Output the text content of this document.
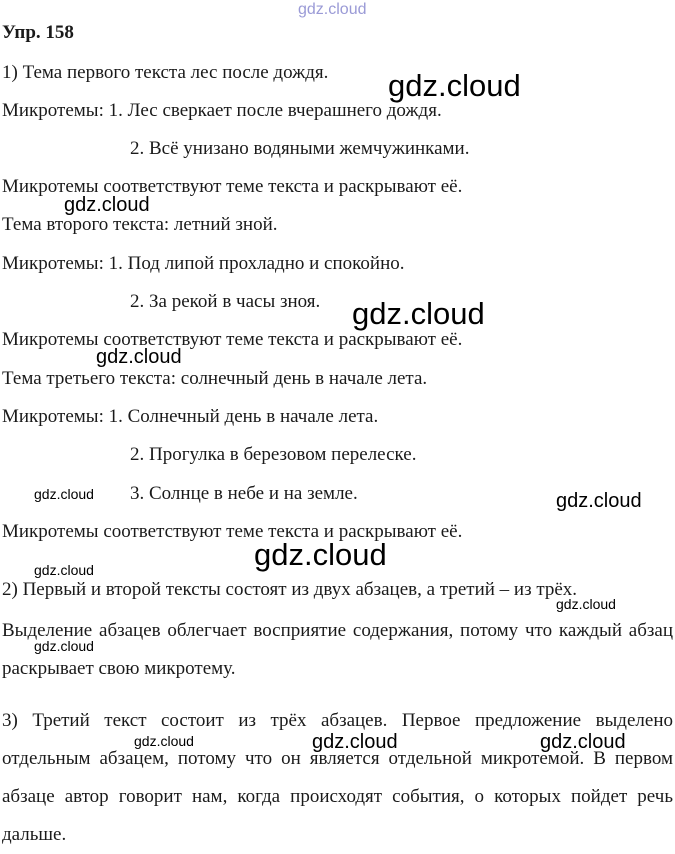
Упр. 158
1) Тема первого текста лес после дождя.
Микротемы: 1. Лес сверкает после вчерашнего дождя.
2. Всё унизано водяными жемчужинками.
Микротемы соответствуют теме текста и раскрывают её.
Тема второго текста: летний зной.
Микротемы: 1. Под липой прохладно и спокойно.
2. За рекой в часы зноя.
Микротемы соответствуют теме текста и раскрывают её.
Тема третьего текста: солнечный день в начале лета.
Микротемы: 1. Солнечный день в начале лета.
2. Прогулка в березовом перелеске.
3. Солнце в небе и на земле.
Микротемы соответствуют теме текста и раскрывают её.
2) Первый и второй тексты состоят из двух абзацев, а третий – из трёх.
Выделение абзацев облегчает восприятие содержания, потому что каждый абзац раскрывает свою микротему.
3) Третий текст состоит из трёх абзацев. Первое предложение выделено отдельным абзацем, потому что он является отдельной микротемой. В первом абзаце автор говорит нам, когда происходят события, о которых пойдет речь дальше.
gdz.cloud
gdz.cloud
gdz.cloud
gdz.cloud
gdz.cloud
gdz.cloud	gdz.cloud
gdz.cloud
gdz.cloud
gdz.cloud
gdz.cloud
gdz.cloud	gdz.cloud	gdz.cloud
